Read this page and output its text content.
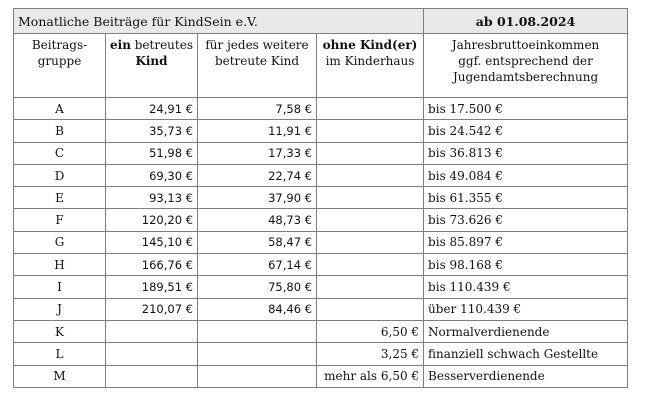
Monatliche Beiträge für KindSein e.V.				ab 01.08.2024
Beitrags-
gruppe	ein betreutes
Kind	für jedes weitere
betreute Kind	ohne Kind(er)
im Kinderhaus	Jahresbruttoeinkommen
ggf. entsprechend der
Jugendamtsberechnung
A	24,91 €	7,58 €		bis 17.500 €
B	35,73 €	11,91 €		bis 24.542 €
C	51,98 €	17,33 €		bis 36.813 €
D	69,30 €	22,74 €		bis 49.084 €
E	93,13 €	37,90 €		bis 61.355 €
F	120,20 €	48,73 €		bis 73.626 €
G	145,10 €	58,47 €		bis 85.897 €
H	166,76 €	67,14 €		bis 98.168 €
I	189,51 €	75,80 €		bis 110.439 €
J	210,07 €	84,46 €		über 110.439 €
K			6,50 €	Normalverdienende
L			3,25 €	finanziell schwach Gestellte
M			mehr als 6,50 €	Besserverdienende
